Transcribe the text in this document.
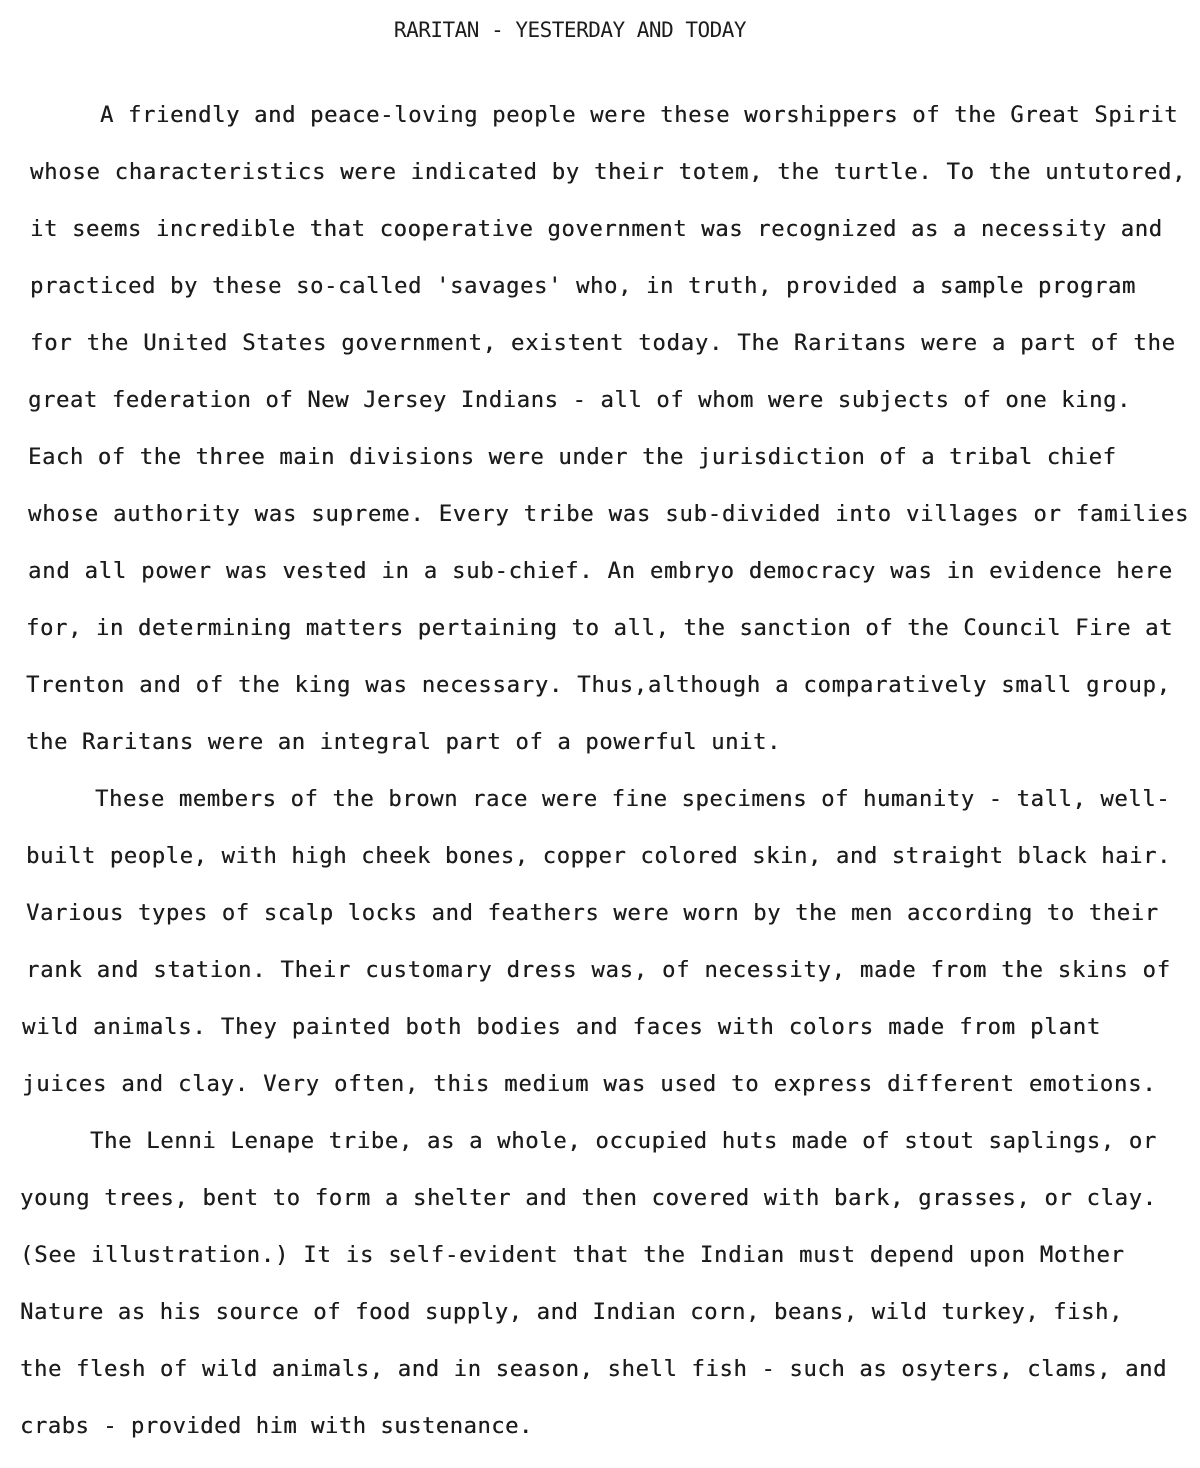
RARITAN - YESTERDAY AND TODAY
A friendly and peace-loving people were these worshippers of the Great Spirit
whose characteristics were indicated by their totem, the turtle. To the untutored,
it seems incredible that cooperative government was recognized as a necessity and
practiced by these so-called 'savages' who, in truth, provided a sample program
for the United States government, existent today. The Raritans were a part of the
great federation of New Jersey Indians - all of whom were subjects of one king.
Each of the three main divisions were under the jurisdiction of a tribal chief
whose authority was supreme. Every tribe was sub-divided into villages or families
and all power was vested in a sub-chief. An embryo democracy was in evidence here
for, in determining matters pertaining to all, the sanction of the Council Fire at
Trenton and of the king was necessary. Thus,although a comparatively small group,
the Raritans were an integral part of a powerful unit.
These members of the brown race were fine specimens of humanity - tall, well-
built people, with high cheek bones, copper colored skin, and straight black hair.
Various types of scalp locks and feathers were worn by the men according to their
rank and station. Their customary dress was, of necessity, made from the skins of
wild animals. They painted both bodies and faces with colors made from plant
juices and clay. Very often, this medium was used to express different emotions.
The Lenni Lenape tribe, as a whole, occupied huts made of stout saplings, or
young trees, bent to form a shelter and then covered with bark, grasses, or clay.
(See illustration.) It is self-evident that the Indian must depend upon Mother
Nature as his source of food supply, and Indian corn, beans, wild turkey, fish,
the flesh of wild animals, and in season, shell fish - such as osyters, clams, and
crabs - provided him with sustenance.
